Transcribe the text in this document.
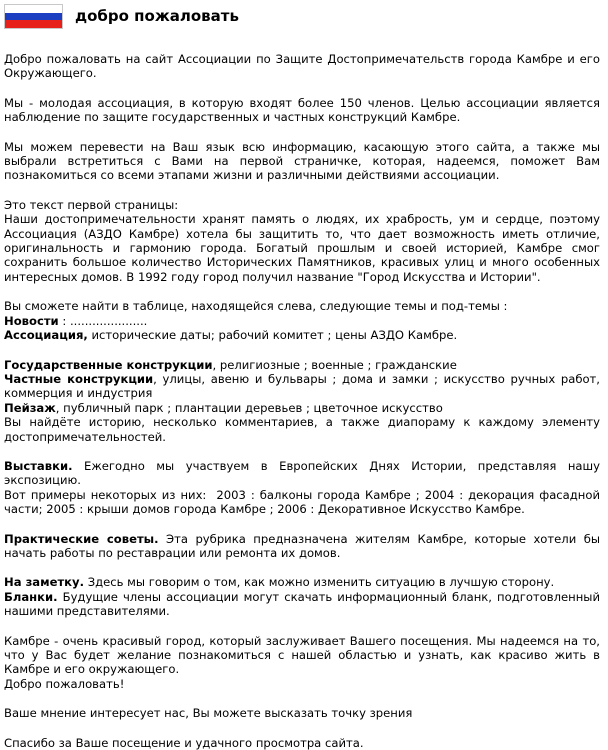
добро пожаловать

Добро пожаловать на сайт Ассоциации по Защите Достопримечательств города Камбре и его Окружающего.

Мы - молодая ассоциация, в которую входят более 150 членов. Целью ассоциации является наблюдение по защите государственных и частных конструкций Камбре.

Мы можем перевести на Ваш язык всю информацию, касающую этого сайта, а также мы выбрали встретиться с Вами на первой страничке, которая, надеемся, поможет Вам познакомиться со всеми этапами жизни и различными действиями ассоциации.

Это текст первой страницы:
Наши достопримечательности хранят память о людях, их храбрость, ум и сердце, поэтому Ассоциация (АЗДО Камбре) хотела бы защитить то, что дает возможность иметь отличие, оригинальность и гармонию города. Богатый прошлым и своей историей, Камбре смог сохранить большое количество Исторических Памятников, красивых улиц и много особенных интересных домов. В 1992 году город получил название "Город Искусства и Истории".

Вы сможете найти в таблице, находящейся слева, следующие темы и под-темы :
Новости : .....................
Ассоциация, исторические даты; рабочий комитет ; цены АЗДО Камбре.

Государственные конструкции, религиозные ; военные ; гражданские
Частные конструкции, улицы, авеню и бульвары ; дома и замки ; искусство ручных работ, коммерция и индустрия
Пейзаж, публичный парк ; плантации деревьев ; цветочное искусство
Вы найдёте историю, несколько комментариев, а также диапораму к каждому элементу достопримечательностей.

Выставки. Ежегодно мы участвуем в Европейских Днях Истории, представляя нашу экспозицию.
Вот примеры некоторых из них: 2003 : балконы города Камбре ; 2004 : декорация фасадной части; 2005 : крыши домов города Камбре ; 2006 : Декоративное Искусство Камбре.

Практические советы. Эта рубрика предназначена жителям Камбре, которые хотели бы начать работы по реставрации или ремонта их домов.

На заметку. Здесь мы говорим о том, как можно изменить ситуацию в лучшую сторону.
Бланки. Будущие члены ассоциации могут скачать информационный бланк, подготовленный нашими представителями.

Камбре - очень красивый город, который заслуживает Вашего посещения. Мы надеемся на то, что у Вас будет желание познакомиться с нашей областью и узнать, как красиво жить в Камбре и его окружающего.
Добро пожаловать!

Ваше мнение интересует нас, Вы можете высказать точку зрения

Спасибо за Ваше посещение и удачного просмотра сайта.
